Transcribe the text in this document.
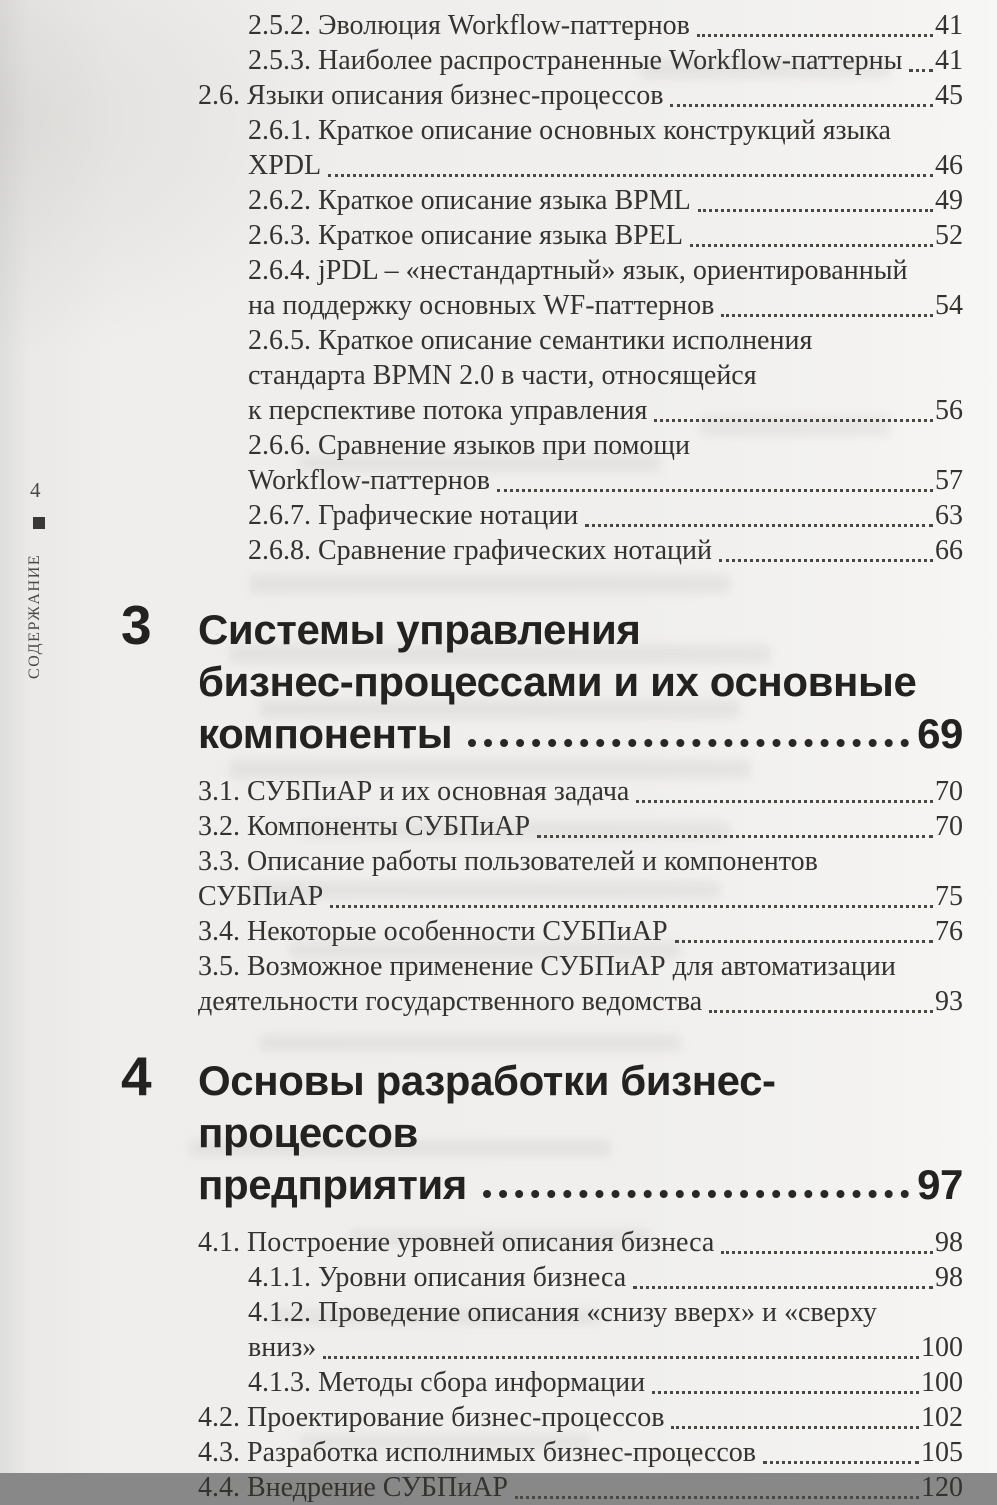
4
СОДЕРЖАНИЕ
2.5.2. Эволюция Workflow-паттернов	41
2.5.3. Наиболее распространенные Workflow-паттерны 41
2.6. Языки описания бизнес-процессов	45
2.6.1. Краткое описание основных конструкций языка
XPDL	46
2.6.2. Краткое описание языка BPML	49
2.6.3. Краткое описание языка BPEL	52
2.6.4. jPDL – «нестандартный» язык, ориентированный
на поддержку основных WF-паттернов	54
2.6.5. Краткое описание семантики исполнения
стандарта BPMN 2.0 в части, относящейся
к перспективе потока управления	56
2.6.6. Сравнение языков при помощи
Workflow-паттернов	57
2.6.7. Графические нотации	63
2.6.8. Сравнение графических нотаций	66
3 Системы управления
бизнес-процессами и их основные
компоненты	69
3.1. СУБПиАР и их основная задача	70
3.2. Компоненты СУБПиАР	70
3.3. Описание работы пользователей и компонентов
СУБПиАР	75
3.4. Некоторые особенности СУБПиАР	76
3.5. Возможное применение СУБПиАР для автоматизации
деятельности государственного ведомства	93
4 Основы разработки бизнес-процессов
предприятия	97
4.1. Построение уровней описания бизнеса	98
4.1.1. Уровни описания бизнеса	98
4.1.2. Проведение описания «снизу вверх» и «сверху
вниз»	100
4.1.3. Методы сбора информации	100
4.2. Проектирование бизнес-процессов	102
4.3. Разработка исполнимых бизнес-процессов	105
4.4. Внедрение СУБПиАР	120
